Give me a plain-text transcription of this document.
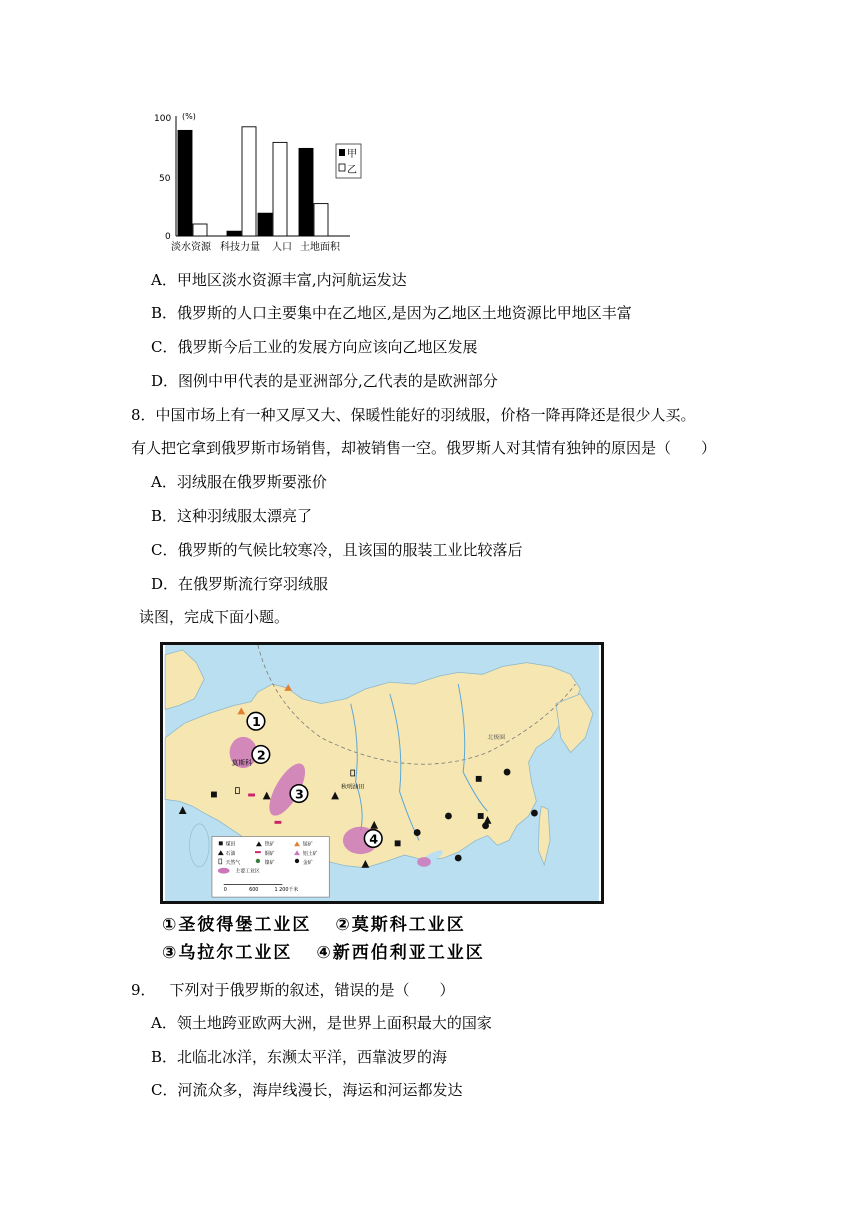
(%)
100
50
0
淡水资源 科技力量 人口 土地面积
甲
乙
A．甲地区淡水资源丰富,内河航运发达
B．俄罗斯的人口主要集中在乙地区,是因为乙地区土地资源比甲地区丰富
C．俄罗斯今后工业的发展方向应该向乙地区发展
D．图例中甲代表的是亚洲部分,乙代表的是欧洲部分
8．中国市场上有一种又厚又大、保暖性能好的羽绒服，价格一降再降还是很少人买。
有人把它拿到俄罗斯市场销售，却被销售一空。俄罗斯人对其情有独钟的原因是（　　）
A．羽绒服在俄罗斯要涨价
B．这种羽绒服太漂亮了
C．俄罗斯的气候比较寒冷，且该国的服装工业比较落后
D．在俄罗斯流行穿羽绒服
读图，完成下面小题。
北极圈
1
2
3
4
莫斯科
秋明油田
煤田	铁矿	锰矿
石油	铜矿	铝土矿
天然气	镍矿	金矿
主要工业区
0	600	1 200千米
①圣彼得堡工业区 ②莫斯科工业区
③乌拉尔工业区 ④新西伯利亚工业区
9． 下列对于俄罗斯的叙述，错误的是（　　）
A．领土地跨亚欧两大洲，是世界上面积最大的国家
B．北临北冰洋，东濒太平洋，西靠波罗的海
C．河流众多，海岸线漫长，海运和河运都发达
